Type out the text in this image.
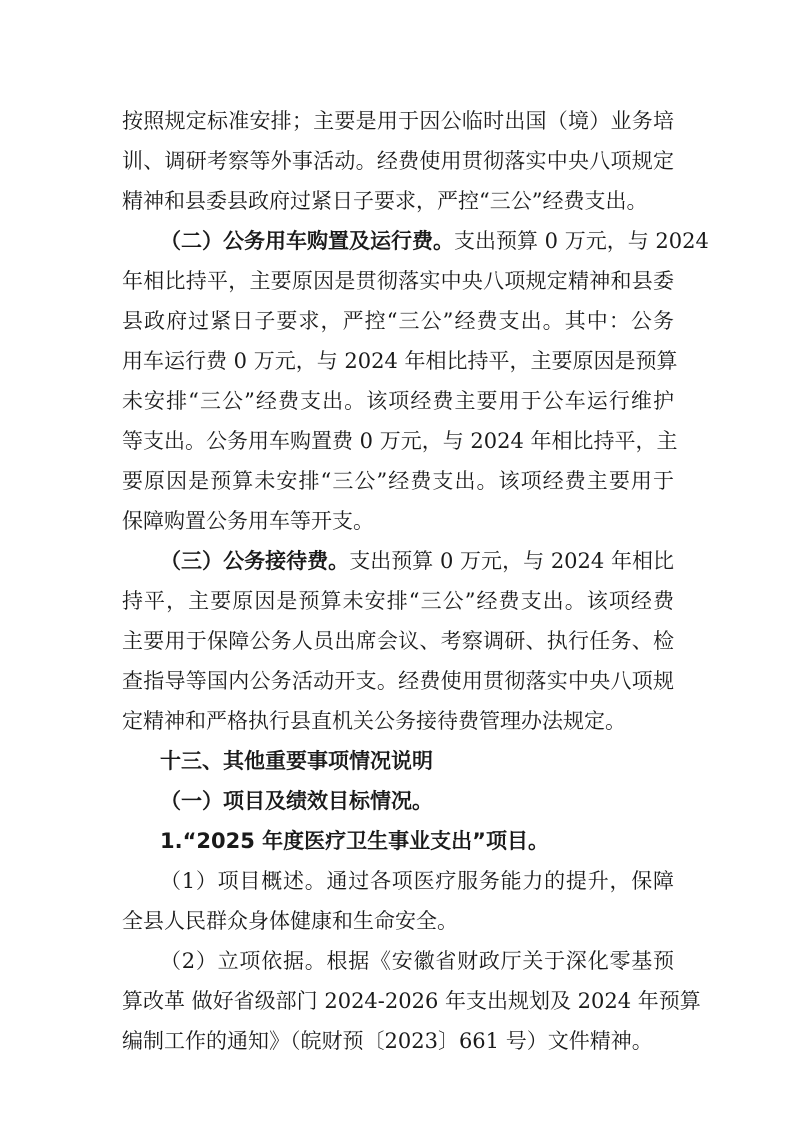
按照规定标准安排；主要是用于因公临时出国（境）业务培
训、调研考察等外事活动。经费使用贯彻落实中央八项规定
精神和县委县政府过紧日子要求，严控“三公”经费支出。
（二）公务用车购置及运行费。支出预算 0 万元，与 2024
年相比持平，主要原因是贯彻落实中央八项规定精神和县委
县政府过紧日子要求，严控“三公”经费支出。其中：公务
用车运行费 0 万元，与 2024 年相比持平，主要原因是预算
未安排“三公”经费支出。该项经费主要用于公车运行维护
等支出。公务用车购置费 0 万元，与 2024 年相比持平，主
要原因是预算未安排“三公”经费支出。该项经费主要用于
保障购置公务用车等开支。
（三）公务接待费。支出预算 0 万元，与 2024 年相比
持平，主要原因是预算未安排“三公”经费支出。该项经费
主要用于保障公务人员出席会议、考察调研、执行任务、检
查指导等国内公务活动开支。经费使用贯彻落实中央八项规
定精神和严格执行县直机关公务接待费管理办法规定。
十三、其他重要事项情况说明
（一）项目及绩效目标情况。
1.“2025 年度医疗卫生事业支出”项目。
（1）项目概述。通过各项医疗服务能力的提升，保障
全县人民群众身体健康和生命安全。
（2）立项依据。根据《安徽省财政厅关于深化零基预
算改革 做好省级部门 2024-2026 年支出规划及 2024 年预算
编制工作的通知》（皖财预〔2023〕661 号）文件精神。
